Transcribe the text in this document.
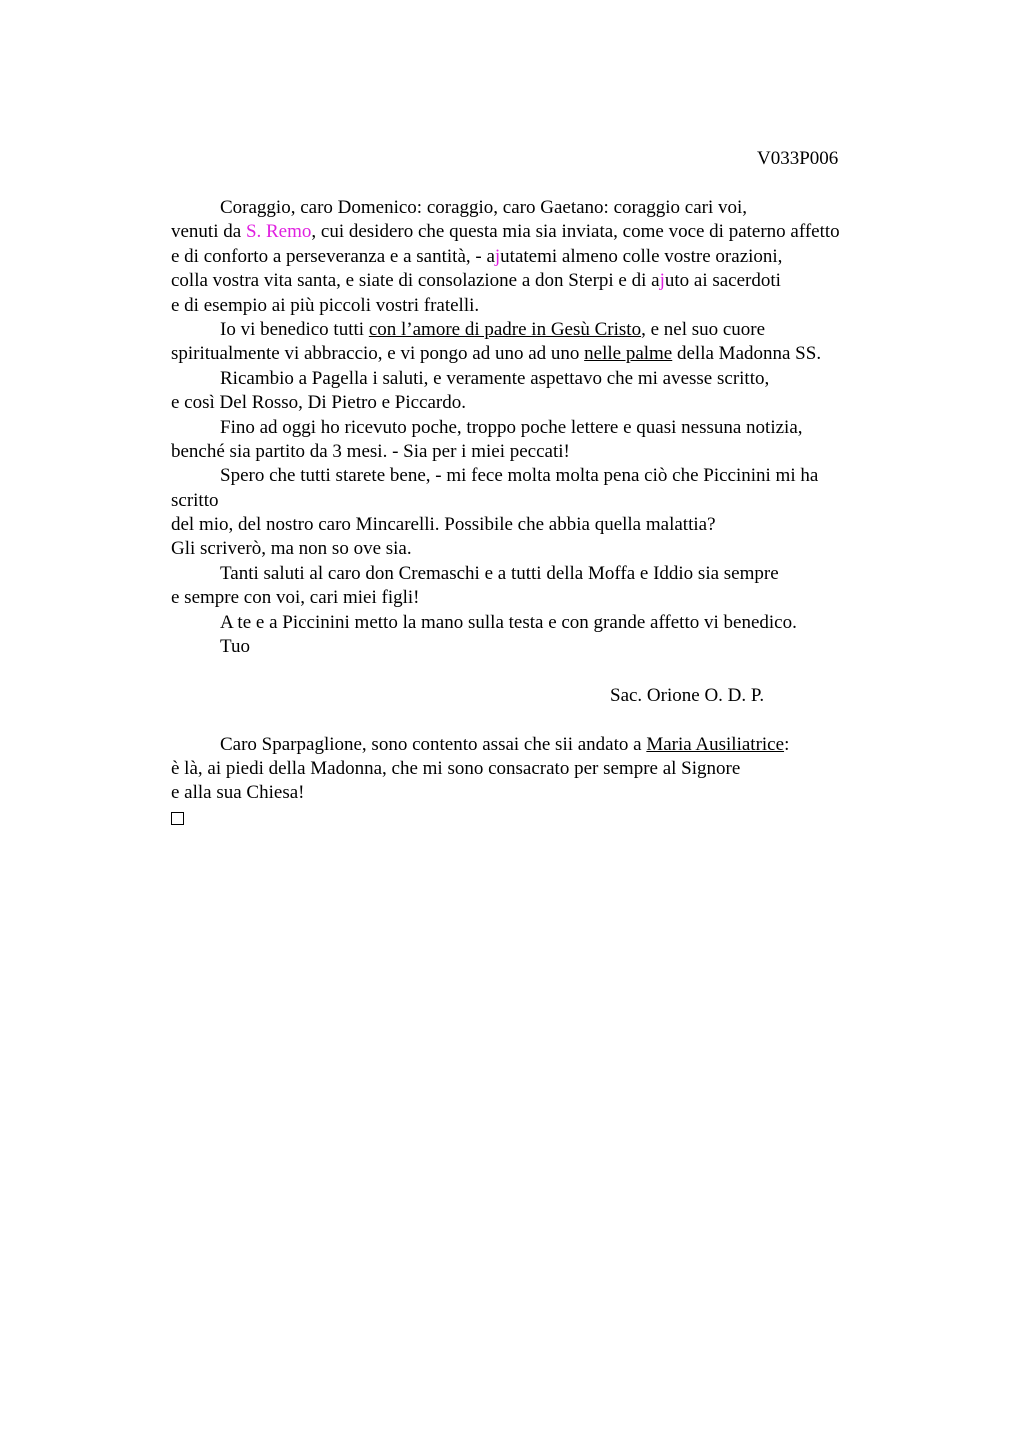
V033P006
Coraggio, caro Domenico: coraggio, caro Gaetano: coraggio cari voi,
venuti da S. Remo, cui desidero che questa mia sia inviata, come voce di paterno affetto
e di conforto a perseveranza e a santità, - ajutatemi almeno colle vostre orazioni,
colla vostra vita santa, e siate di consolazione a don Sterpi e di ajuto ai sacerdoti
e di esempio ai più piccoli vostri fratelli.
Io vi benedico tutti con l’amore di padre in Gesù Cristo, e nel suo cuore
spiritualmente vi abbraccio, e vi pongo ad uno ad uno nelle palme della Madonna SS.
Ricambio a Pagella i saluti, e veramente aspettavo che mi avesse scritto,
e così Del Rosso, Di Pietro e Piccardo.
Fino ad oggi ho ricevuto poche, troppo poche lettere e quasi nessuna notizia,
benché sia partito da 3 mesi. - Sia per i miei peccati!
Spero che tutti starete bene, - mi fece molta molta pena ciò che Piccinini mi ha
scritto
del mio, del nostro caro Mincarelli. Possibile che abbia quella malattia?
Gli scriverò, ma non so ove sia.
Tanti saluti al caro don Cremaschi e a tutti della Moffa e Iddio sia sempre
e sempre con voi, cari miei figli!
A te e a Piccinini metto la mano sulla testa e con grande affetto vi benedico.
Tuo
Sac. Orione O. D. P.
Caro Sparpaglione, sono contento assai che sii andato a Maria Ausiliatrice:
è là, ai piedi della Madonna, che mi sono consacrato per sempre al Signore
e alla sua Chiesa!
